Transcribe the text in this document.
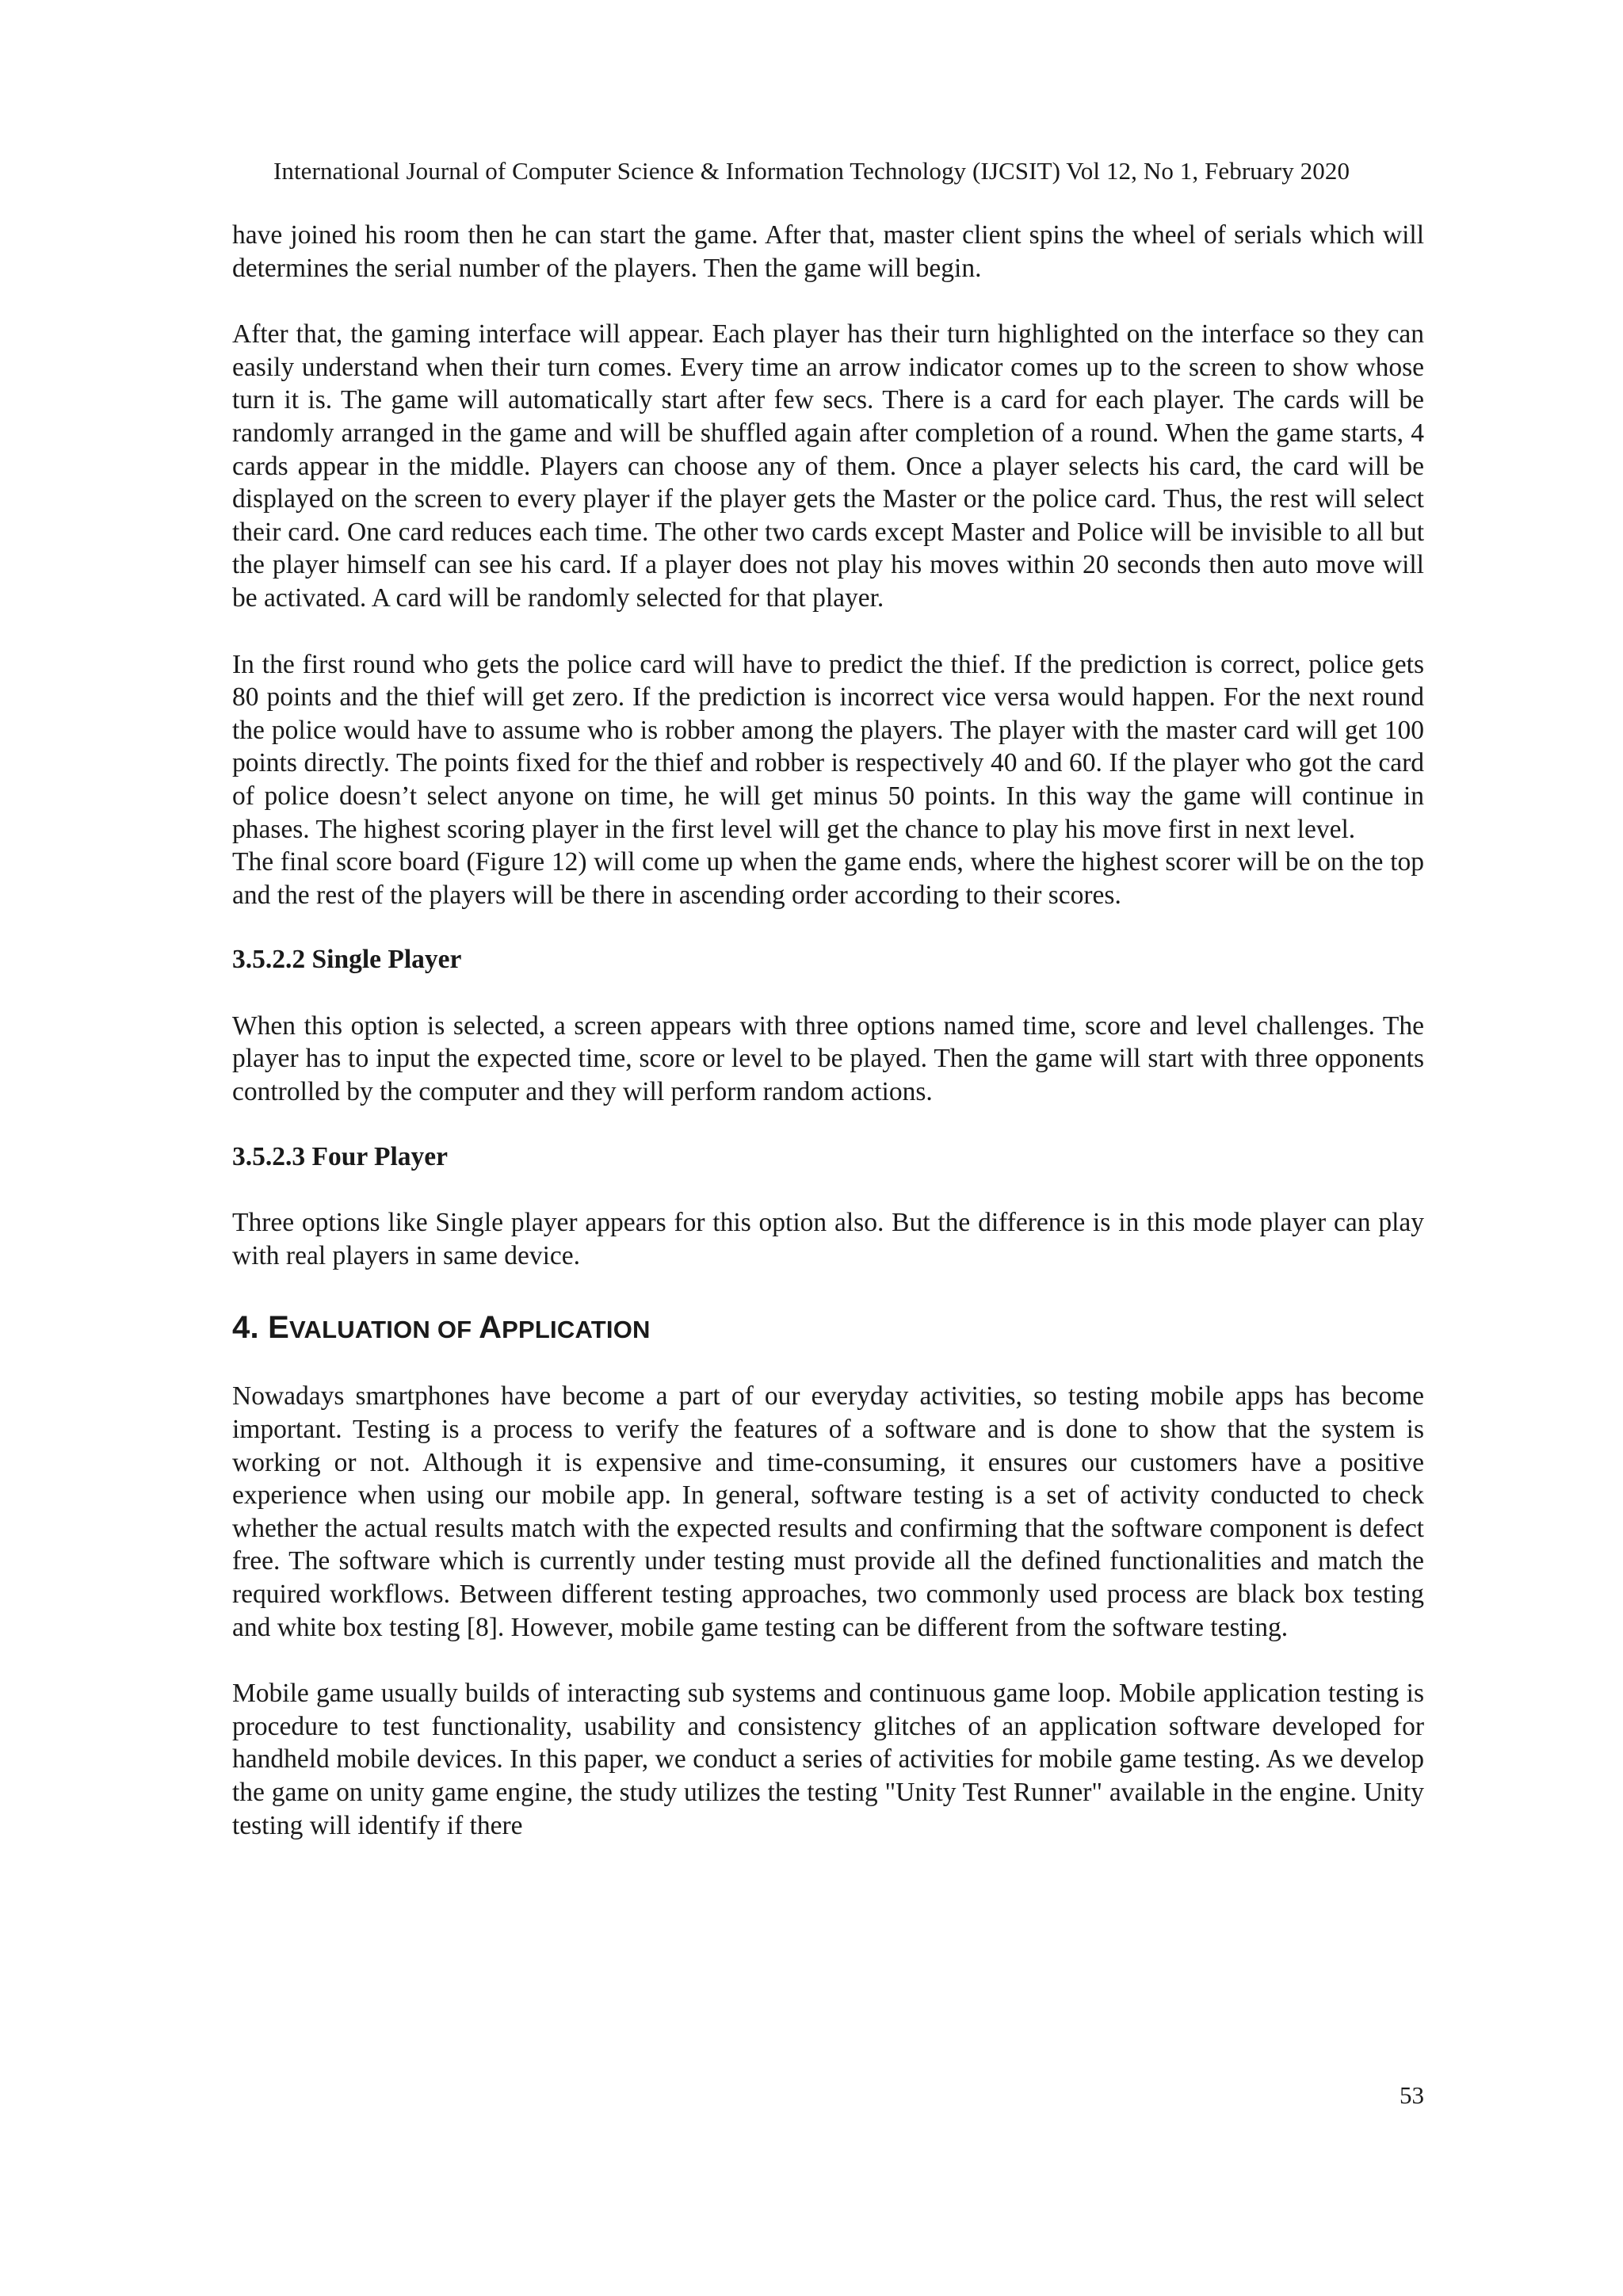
International Journal of Computer Science & Information Technology (IJCSIT) Vol 12, No 1, February 2020

have joined his room then he can start the game. After that, master client spins the wheel of serials which will determines the serial number of the players. Then the game will begin.

After that, the gaming interface will appear. Each player has their turn highlighted on the interface so they can easily understand when their turn comes. Every time an arrow indicator comes up to the screen to show whose turn it is. The game will automatically start after few secs. There is a card for each player. The cards will be randomly arranged in the game and will be shuffled again after completion of a round. When the game starts, 4 cards appear in the middle. Players can choose any of them. Once a player selects his card, the card will be displayed on the screen to every player if the player gets the Master or the police card. Thus, the rest will select their card. One card reduces each time. The other two cards except Master and Police will be invisible to all but the player himself can see his card. If a player does not play his moves within 20 seconds then auto move will be activated. A card will be randomly selected for that player.

In the first round who gets the police card will have to predict the thief. If the prediction is correct, police gets 80 points and the thief will get zero. If the prediction is incorrect vice versa would happen. For the next round the police would have to assume who is robber among the players. The player with the master card will get 100 points directly. The points fixed for the thief and robber is respectively 40 and 60. If the player who got the card of police doesn’t select anyone on time, he will get minus 50 points. In this way the game will continue in phases. The highest scoring player in the first level will get the chance to play his move first in next level.

The final score board (Figure 12) will come up when the game ends, where the highest scorer will be on the top and the rest of the players will be there in ascending order according to their scores.

3.5.2.2 Single Player

When this option is selected, a screen appears with three options named time, score and level challenges. The player has to input the expected time, score or level to be played. Then the game will start with three opponents controlled by the computer and they will perform random actions.

3.5.2.3 Four Player

Three options like Single player appears for this option also. But the difference is in this mode player can play with real players in same device.

4. EVALUATION OF APPLICATION

Nowadays smartphones have become a part of our everyday activities, so testing mobile apps has become important. Testing is a process to verify the features of a software and is done to show that the system is working or not. Although it is expensive and time-consuming, it ensures our customers have a positive experience when using our mobile app. In general, software testing is a set of activity conducted to check whether the actual results match with the expected results and confirming that the software component is defect free. The software which is currently under testing must provide all the defined functionalities and match the required workflows. Between different testing approaches, two commonly used process are black box testing and white box testing [8]. However, mobile game testing can be different from the software testing.

Mobile game usually builds of interacting sub systems and continuous game loop. Mobile application testing is procedure to test functionality, usability and consistency glitches of an application software developed for handheld mobile devices. In this paper, we conduct a series of activities for mobile game testing. As we develop the game on unity game engine, the study utilizes the testing "Unity Test Runner" available in the engine. Unity testing will identify if there

53
